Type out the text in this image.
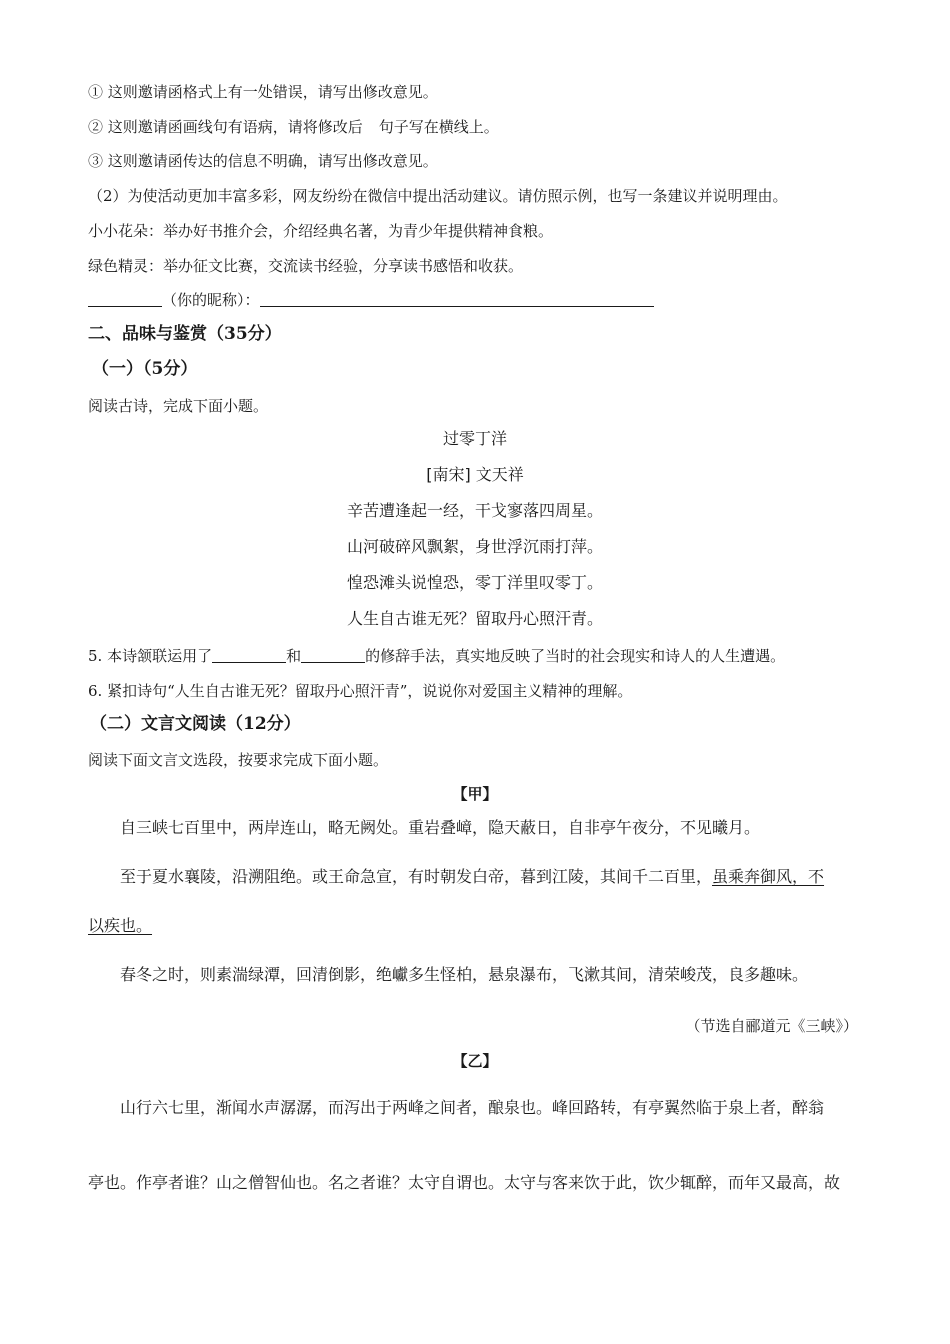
① 这则邀请函格式上有一处错误，请写出修改意见。
② 这则邀请函画线句有语病，请将修改后 句子写在横线上。
③ 这则邀请函传达的信息不明确，请写出修改意见。
（2）为使活动更加丰富多彩，网友纷纷在微信中提出活动建议。请仿照示例，也写一条建议并说明理由。
小小花朵：举办好书推介会，介绍经典名著，为青少年提供精神食粮。
绿色精灵：举办征文比赛，交流读书经验，分享读书感悟和收获。
（你的昵称）：
二、品味与鉴赏（35分）
（一）（5分）
阅读古诗，完成下面小题。
过零丁洋
[南宋] 文天祥
辛苦遭逢起一经，干戈寥落四周星。
山河破碎风飘絮，身世浮沉雨打萍。
惶恐滩头说惶恐，零丁洋里叹零丁。
人生自古谁无死？留取丹心照汗青。
5. 本诗颔联运用了	和	的修辞手法，真实地反映了当时的社会现实和诗人的人生遭遇。
6. 紧扣诗句“人生自古谁无死？留取丹心照汗青”，说说你对爱国主义精神的理解。
（二）文言文阅读（12分）
阅读下面文言文选段，按要求完成下面小题。
【甲】
自三峡七百里中，两岸连山，略无阙处。重岩叠嶂，隐天蔽日，自非亭午夜分，不见曦月。
至于夏水襄陵，沿溯阻绝。或王命急宣，有时朝发白帝，暮到江陵，其间千二百里，虽乘奔御风，不
以疾也。
春冬之时，则素湍绿潭，回清倒影，绝巘多生怪柏，悬泉瀑布，飞漱其间，清荣峻茂，良多趣味。
（节选自郦道元《三峡》）
【乙】
山行六七里，渐闻水声潺潺，而泻出于两峰之间者，酿泉也。峰回路转，有亭翼然临于泉上者，醉翁
亭也。作亭者谁？山之僧智仙也。名之者谁？太守自谓也。太守与客来饮于此，饮少辄醉，而年又最高，故
